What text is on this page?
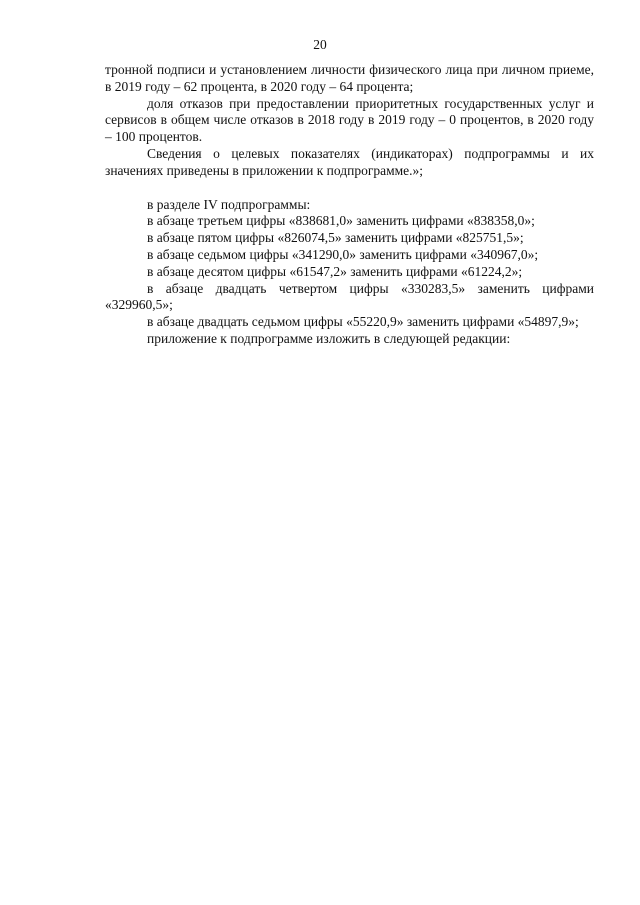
20

тронной подписи и установлением личности физического лица при личном приеме, в 2019 году – 62 процента, в 2020 году – 64 процента;

доля отказов при предоставлении приоритетных государственных услуг и сервисов в общем числе отказов в 2018 году в 2019 году – 0 процентов, в 2020 году – 100 процентов.

Сведения о целевых показателях (индикаторах) подпрограммы и их значениях приведены в приложении к подпрограмме.»;

в разделе IV подпрограммы:

в абзаце третьем цифры «838681,0» заменить цифрами «838358,0»;

в абзаце пятом цифры «826074,5» заменить цифрами «825751,5»;

в абзаце седьмом цифры «341290,0» заменить цифрами «340967,0»;

в абзаце десятом цифры «61547,2» заменить цифрами «61224,2»;

в абзаце двадцать четвертом цифры «330283,5» заменить цифрами «329960,5»;

в абзаце двадцать седьмом цифры «55220,9» заменить цифрами «54897,9»;

приложение к подпрограмме изложить в следующей редакции:
